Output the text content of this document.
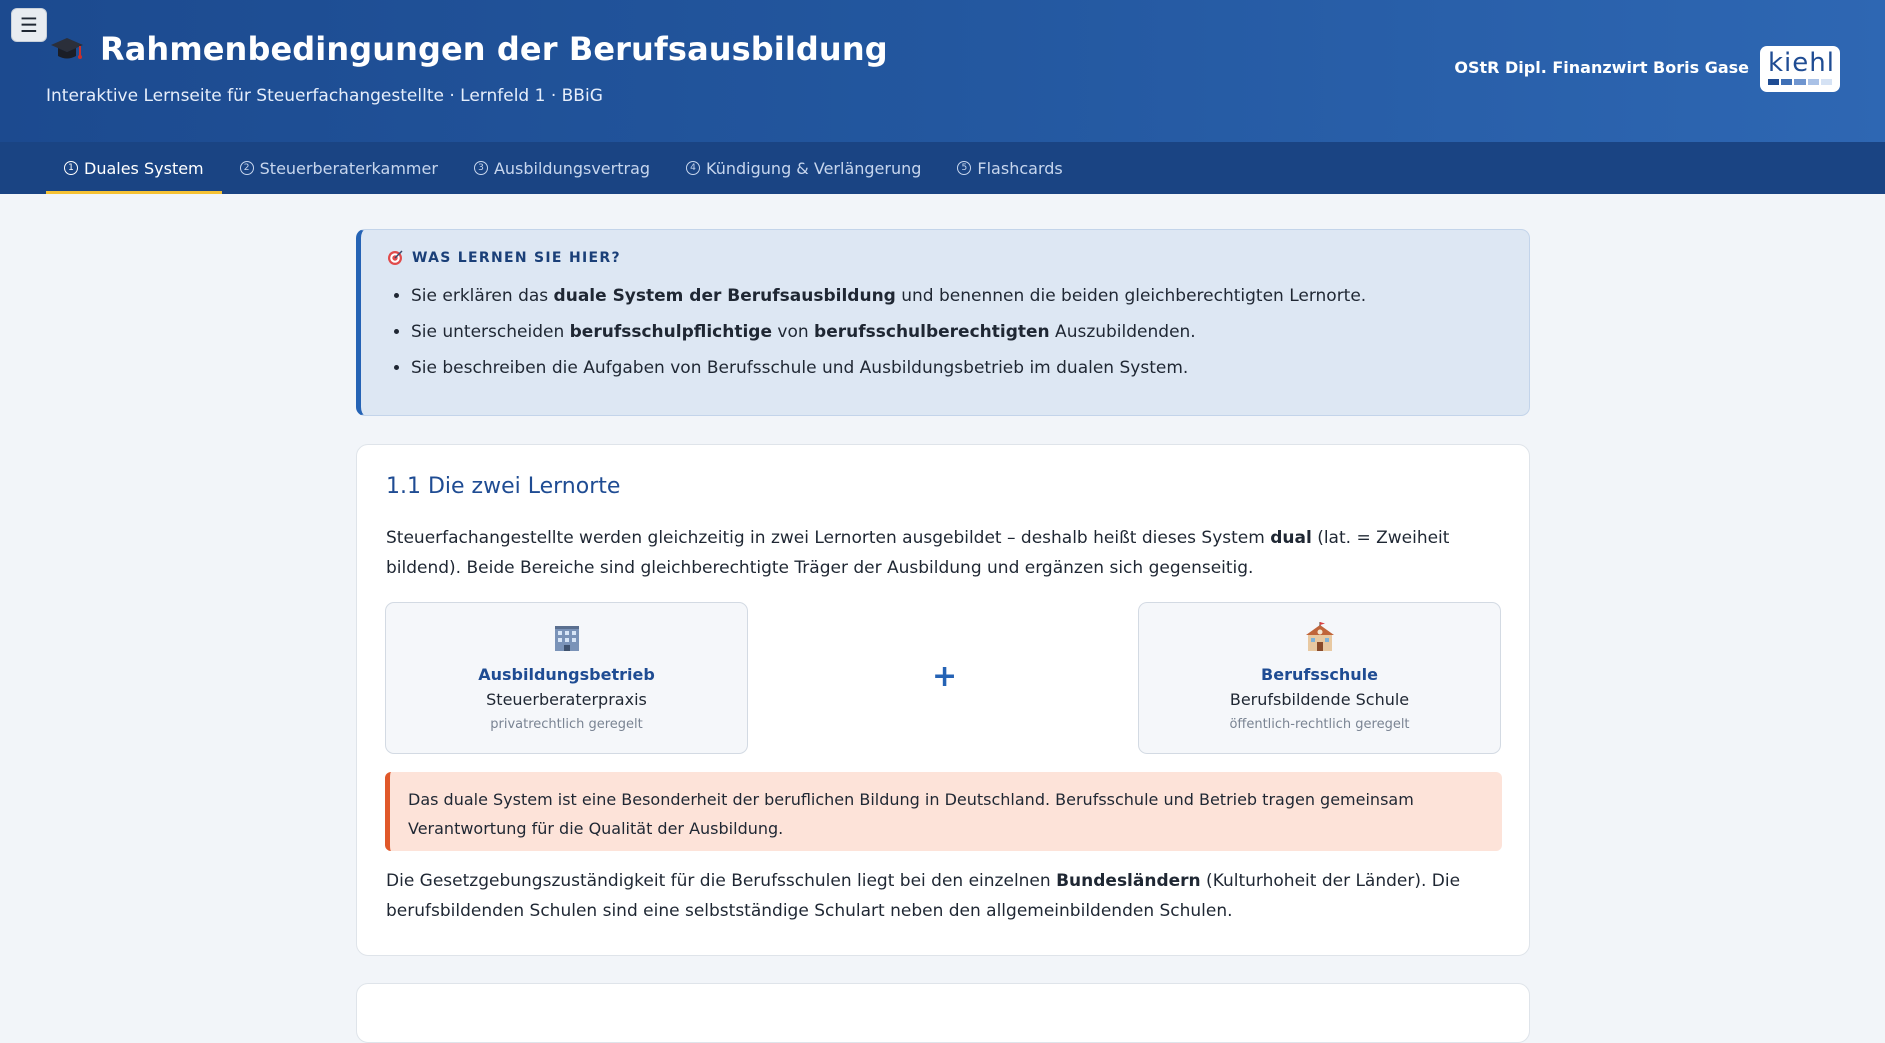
☰
Rahmenbedingungen der Berufsausbildung
Interaktive Lernseite für Steuerfachangestellte · Lernfeld 1 · BBiG
OStR Dipl. Finanzwirt Boris Gase kiehl
1 Duales System	2 Steuerberaterkammer	3 Ausbildungsvertrag	4 Kündigung & Verlängerung	5 Flashcards
WAS LERNEN SIE HIER?
• Sie erklären das duale System der Berufsausbildung und benennen die beiden gleichberechtigten Lernorte.
• Sie unterscheiden berufsschulpflichtige von berufsschulberechtigten Auszubildenden.
• Sie beschreiben die Aufgaben von Berufsschule und Ausbildungsbetrieb im dualen System.
1.1 Die zwei Lernorte
Steuerfachangestellte werden gleichzeitig in zwei Lernorten ausgebildet – deshalb heißt dieses System dual (lat. = Zweiheit bildend). Beide Bereiche sind gleichberechtigte Träger der Ausbildung und ergänzen sich gegenseitig.
Ausbildungsbetrieb
Steuerberaterpraxis
privatrechtlich geregelt
+	Berufsschule
Berufsbildende Schule
öffentlich-rechtlich geregelt
Das duale System ist eine Besonderheit der beruflichen Bildung in Deutschland. Berufsschule und Betrieb tragen gemeinsam Verantwortung für die Qualität der Ausbildung.
Die Gesetzgebungszuständigkeit für die Berufsschulen liegt bei den einzelnen Bundesländern (Kulturhoheit der Länder). Die berufsbildenden Schulen sind eine selbstständige Schulart neben den allgemeinbildenden Schulen.
